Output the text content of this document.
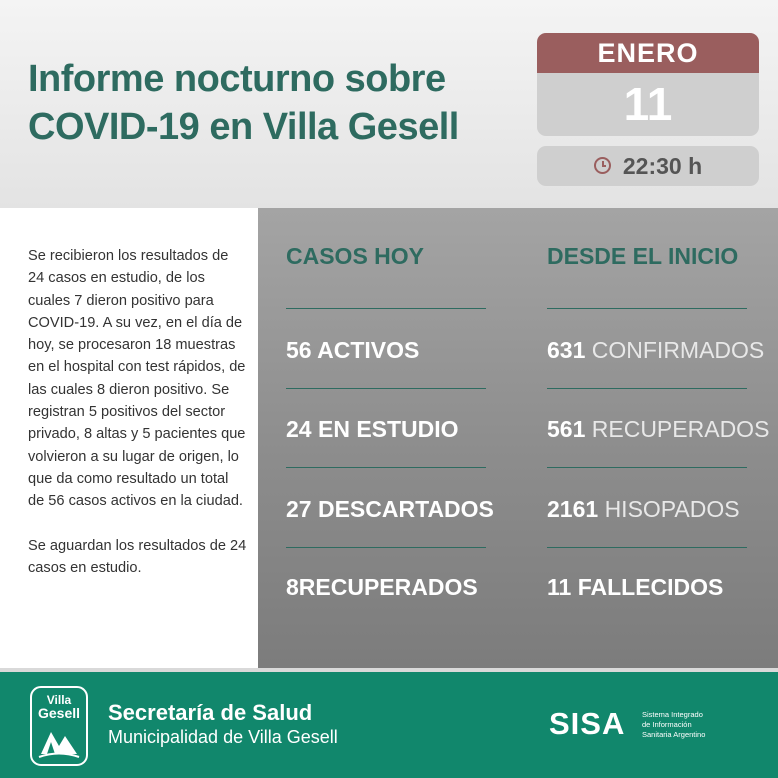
Informe nocturno sobre
COVID-19 en Villa Gesell
ENERO
11
22:30 h

Se recibieron los resultados de 24 casos en estudio, de los cuales 7 dieron positivo para COVID-19. A su vez, en el día de hoy, se procesaron 18 muestras en el hospital con test rápidos, de las cuales 8 dieron positivo. Se registran 5 positivos del sector privado, 8 altas y 5 pacientes que volvieron a su lugar de origen, lo que da como resultado un total de 56 casos activos en la ciudad.

Se aguardan los resultados de 24 casos en estudio.

CASOS HOY
56 ACTIVOS
24 EN ESTUDIO
27 DESCARTADOS
8RECUPERADOS
DESDE EL INICIO
631 CONFIRMADOS
561 RECUPERADOS
2161 HISOPADOS
11 FALLECIDOS
Villa
Gesell Secretaría de Salud
Municipalidad de Villa Gesell	SISA Sistema Integrado
de Información
Sanitaria Argentino
